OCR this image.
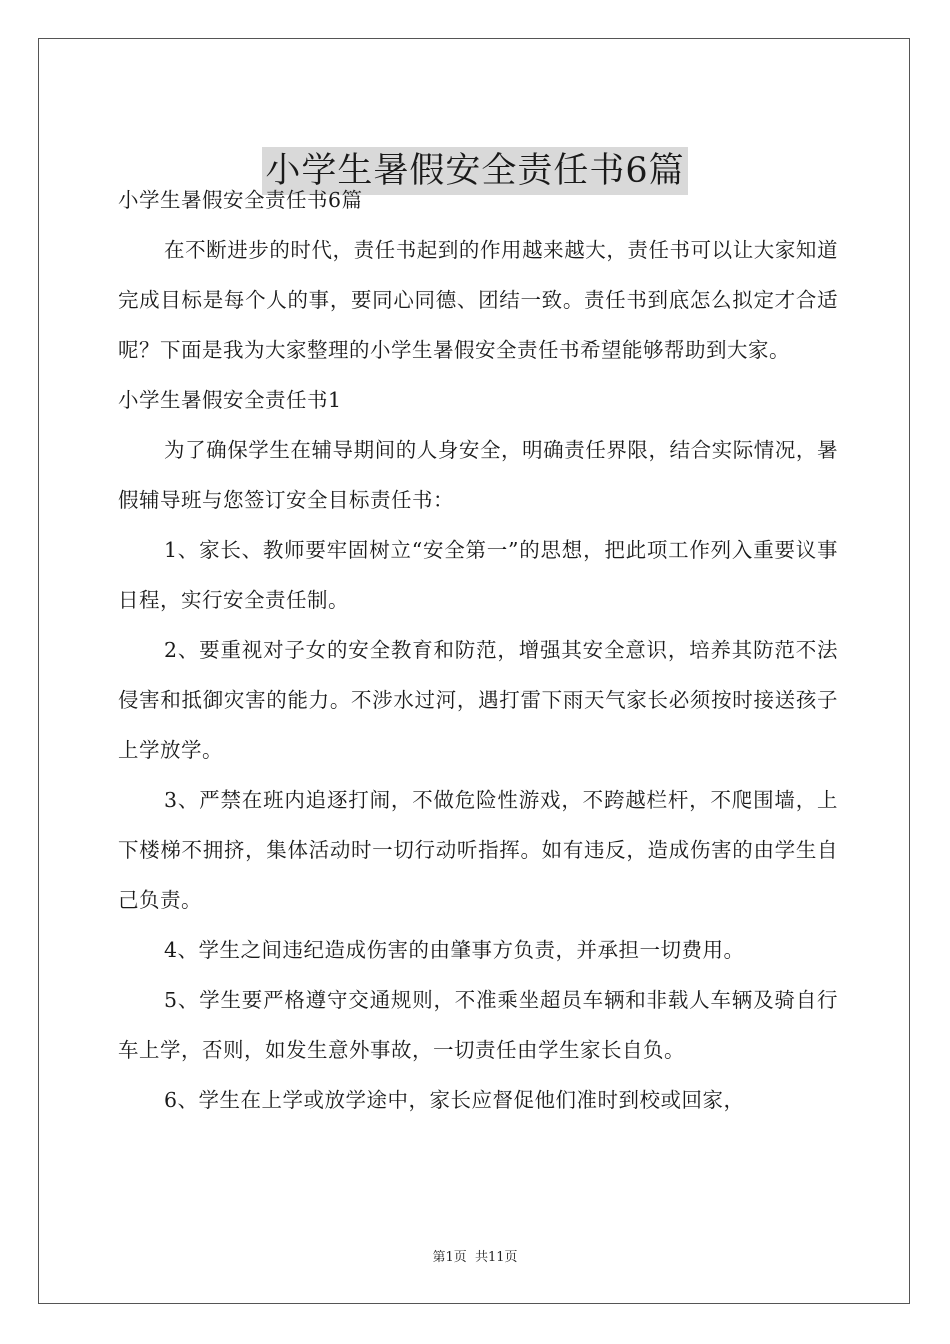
小学生暑假安全责任书6篇

小学生暑假安全责任书6篇

在不断进步的时代，责任书起到的作用越来越大，责任书可以让大家知道完成目标是每个人的事，要同心同德、团结一致。责任书到底怎么拟定才合适呢？下面是我为大家整理的小学生暑假安全责任书希望能够帮助到大家。

小学生暑假安全责任书1

为了确保学生在辅导期间的人身安全，明确责任界限，结合实际情况，暑假辅导班与您签订安全目标责任书：

1、家长、教师要牢固树立“安全第一”的思想，把此项工作列入重要议事日程，实行安全责任制。

2、要重视对子女的安全教育和防范，增强其安全意识，培养其防范不法侵害和抵御灾害的能力。不涉水过河，遇打雷下雨天气家长必须按时接送孩子上学放学。

3、严禁在班内追逐打闹，不做危险性游戏，不跨越栏杆，不爬围墙，上下楼梯不拥挤，集体活动时一切行动听指挥。如有违反，造成伤害的由学生自己负责。

4、学生之间违纪造成伤害的由肇事方负责，并承担一切费用。

5、学生要严格遵守交通规则，不准乘坐超员车辆和非载人车辆及骑自行车上学，否则，如发生意外事故，一切责任由学生家长自负。

6、学生在上学或放学途中，家长应督促他们准时到校或回家，

第1页 共11页
